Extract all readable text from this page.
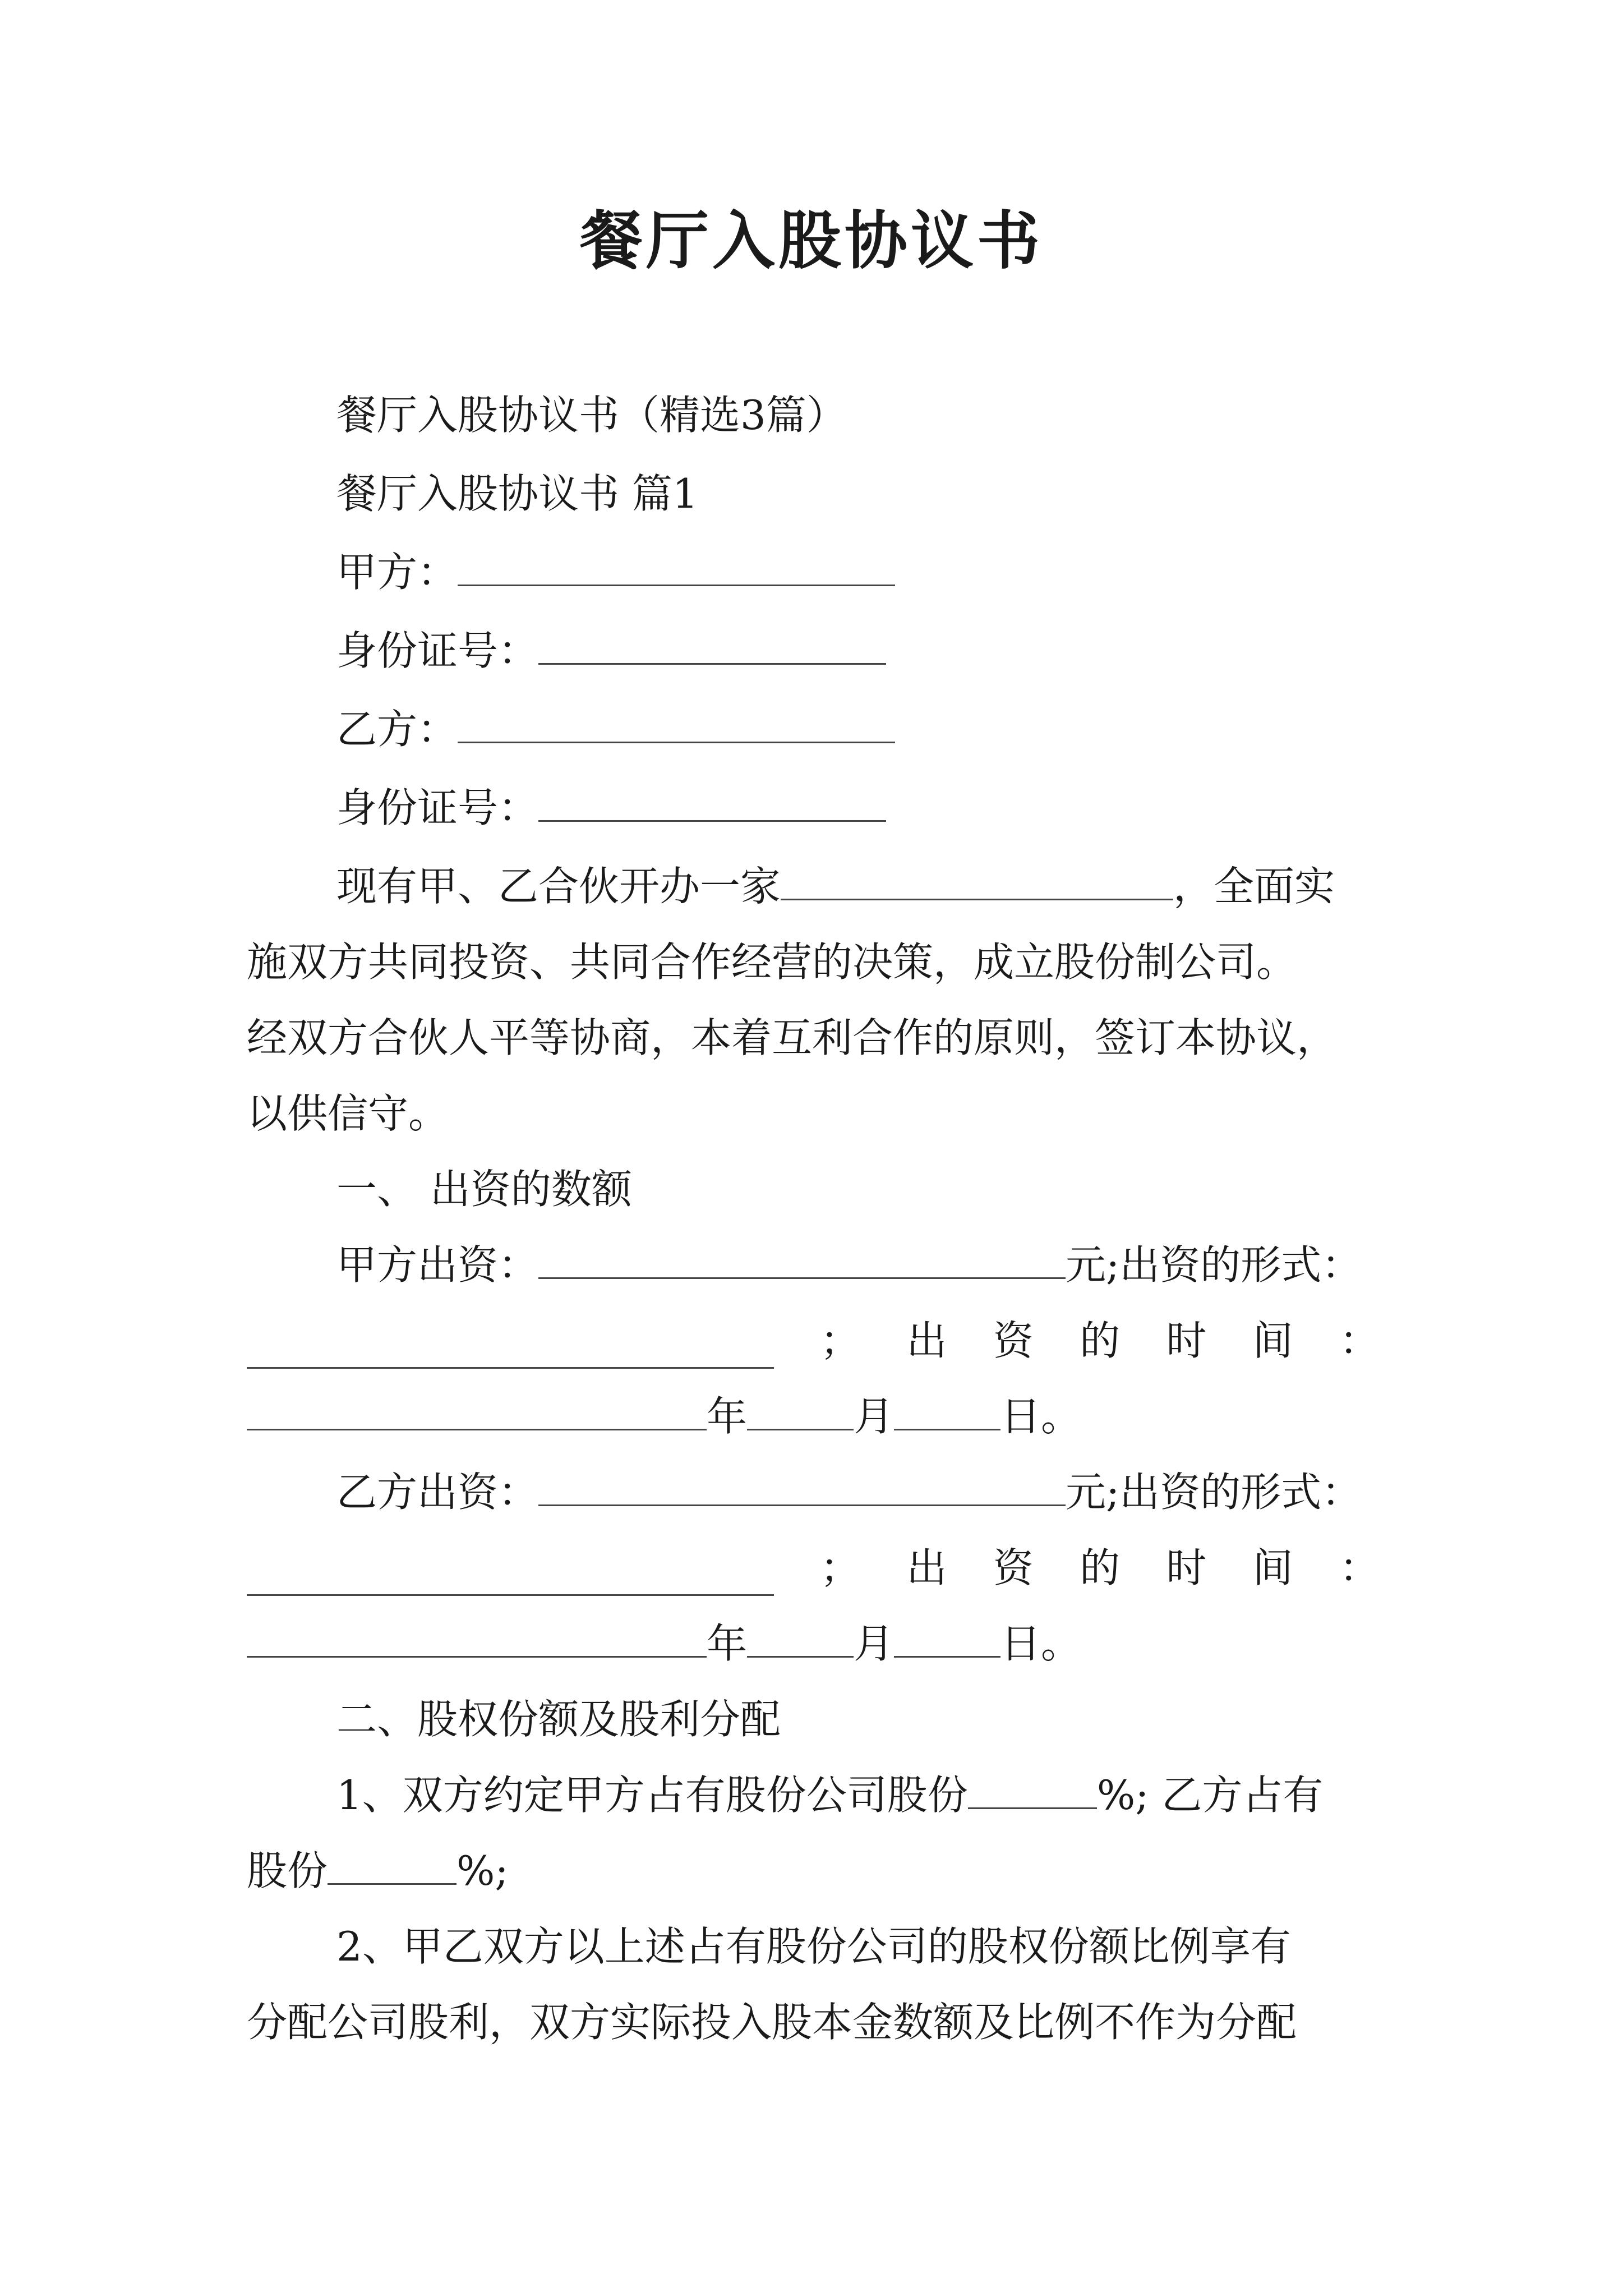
餐厅入股协议书
餐厅入股协议书（精选3篇）
餐厅入股协议书 篇1
甲方：
身份证号：
乙方：
身份证号：
现有甲、乙合伙开办一家	，全面实
施双方共同投资、共同合作经营的决策，成立股份制公司。
经双方合伙人平等协商，本着互利合作的原则，签订本协议，
以供信守。
一、 出资的数额
甲方出资：	元;出资的形式：
； 出 资 的 时 间 ：
年	月	日。
乙方出资：	元;出资的形式：
； 出 资 的 时 间 ：
年	月	日。
二、股权份额及股利分配
1、双方约定甲方占有股份公司股份	%; 乙方占有
股份	%;
2、甲乙双方以上述占有股份公司的股权份额比例享有
分配公司股利，双方实际投入股本金数额及比例不作为分配
